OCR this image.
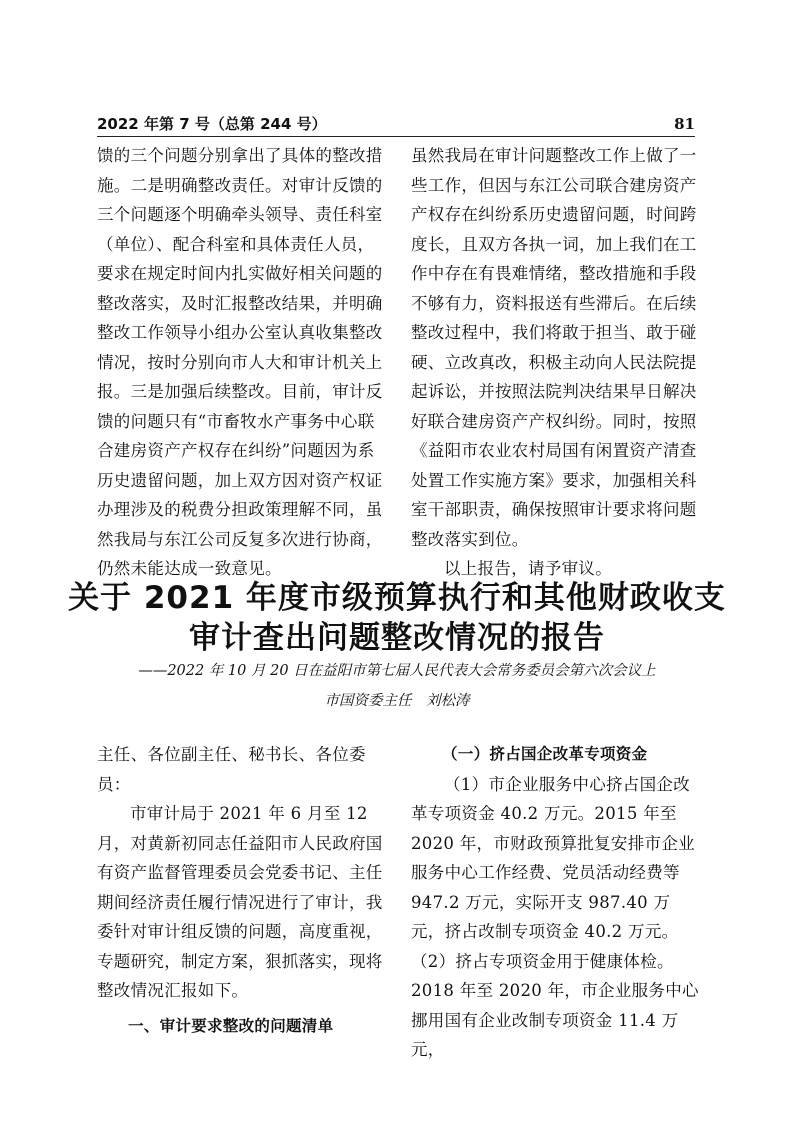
2022 年第 7 号（总第 244 号）	81

馈的三个问题分别拿出了具体的整改措施。二是明确整改责任。对审计反馈的三个问题逐个明确牵头领导、责任科室（单位）、配合科室和具体责任人员，要求在规定时间内扎实做好相关问题的整改落实，及时汇报整改结果，并明确整改工作领导小组办公室认真收集整改情况，按时分别向市人大和审计机关上报。三是加强后续整改。目前，审计反馈的问题只有“市畜牧水产事务中心联合建房资产产权存在纠纷”问题因为系历史遗留问题，加上双方因对资产权证办理涉及的税费分担政策理解不同，虽然我局与东江公司反复多次进行协商，仍然未能达成一致意见。

虽然我局在审计问题整改工作上做了一些工作，但因与东江公司联合建房资产产权存在纠纷系历史遗留问题，时间跨度长，且双方各执一词，加上我们在工作中存在有畏难情绪，整改措施和手段不够有力，资料报送有些滞后。在后续整改过程中，我们将敢于担当、敢于碰硬、立改真改，积极主动向人民法院提起诉讼，并按照法院判决结果早日解决好联合建房资产产权纠纷。同时，按照《益阳市农业农村局国有闲置资产清查处置工作实施方案》要求，加强相关科室干部职责，确保按照审计要求将问题整改落实到位。

以上报告，请予审议。

关于 2021 年度市级预算执行和其他财政收支
审计查出问题整改情况的报告
——2022 年 10 月 20 日在益阳市第七届人民代表大会常务委员会第六次会议上
市国资委主任　刘松涛

主任、各位副主任、秘书长、各位委员：

市审计局于 2021 年 6 月至 12 月，对黄新初同志任益阳市人民政府国有资产监督管理委员会党委书记、主任期间经济责任履行情况进行了审计，我委针对审计组反馈的问题，高度重视，专题研究，制定方案，狠抓落实，现将整改情况汇报如下。

一、审计要求整改的问题清单

（一）挤占国企改革专项资金

（1）市企业服务中心挤占国企改革专项资金 40.2 万元。2015 年至 2020 年，市财政预算批复安排市企业服务中心工作经费、党员活动经费等 947.2 万元，实际开支 987.40 万元，挤占改制专项资金 40.2 万元。（2）挤占专项资金用于健康体检。2018 年至 2020 年，市企业服务中心挪用国有企业改制专项资金 11.4 万元，
